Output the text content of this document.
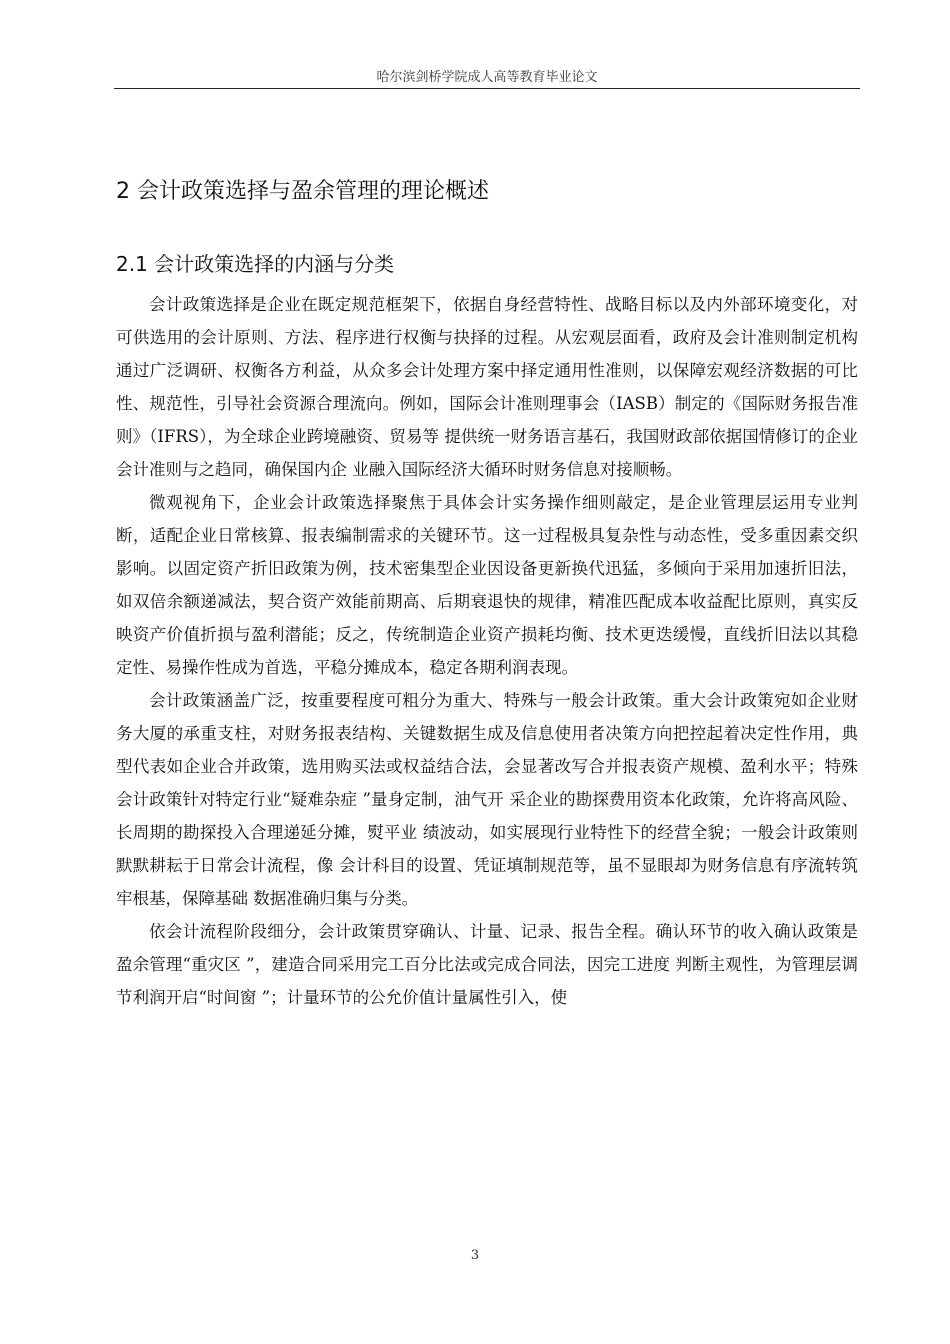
哈尔滨剑桥学院成人高等教育毕业论文
2 会计政策选择与盈余管理的理论概述
2.1 会计政策选择的内涵与分类

会计政策选择是企业在既定规范框架下，依据自身经营特性、战略目标以及内外部环境变化，对可供选用的会计原则、方法、程序进行权衡与抉择的过程。从宏观层面看，政府及会计准则制定机构通过广泛调研、权衡各方利益，从众多会计处理方案中择定通用性准则，以保障宏观经济数据的可比性、规范性，引导社会资源合理流向。例如，国际会计准则理事会（IASB）制定的《国际财务报告准则》（IFRS），为全球企业跨境融资、贸易等 提供统一财务语言基石，我国财政部依据国情修订的企业会计准则与之趋同，确保国内企 业融入国际经济大循环时财务信息对接顺畅。

微观视角下，企业会计政策选择聚焦于具体会计实务操作细则敲定，是企业管理层运用专业判断，适配企业日常核算、报表编制需求的关键环节。这一过程极具复杂性与动态性，受多重因素交织影响。以固定资产折旧政策为例，技术密集型企业因设备更新换代迅猛，多倾向于采用加速折旧法，如双倍余额递减法，契合资产效能前期高、后期衰退快的规律，精准匹配成本收益配比原则，真实反映资产价值折损与盈利潜能；反之，传统制造企业资产损耗均衡、技术更迭缓慢，直线折旧法以其稳定性、易操作性成为首选，平稳分摊成本，稳定各期利润表现。

会计政策涵盖广泛，按重要程度可粗分为重大、特殊与一般会计政策。重大会计政策宛如企业财务大厦的承重支柱，对财务报表结构、关键数据生成及信息使用者决策方向把控起着决定性作用，典型代表如企业合并政策，选用购买法或权益结合法，会显著改写合并报表资产规模、盈利水平；特殊会计政策针对特定行业“疑难杂症 ”量身定制，油气开 采企业的勘探费用资本化政策，允许将高风险、长周期的勘探投入合理递延分摊，熨平业 绩波动，如实展现行业特性下的经营全貌；一般会计政策则默默耕耘于日常会计流程，像 会计科目的设置、凭证填制规范等，虽不显眼却为财务信息有序流转筑牢根基，保障基础 数据准确归集与分类。

依会计流程阶段细分，会计政策贯穿确认、计量、记录、报告全程。确认环节的收入确认政策是盈余管理“重灾区 ”，建造合同采用完工百分比法或完成合同法，因完工进度 判断主观性，为管理层调节利润开启“时间窗 ”；计量环节的公允价值计量属性引入，使

3
